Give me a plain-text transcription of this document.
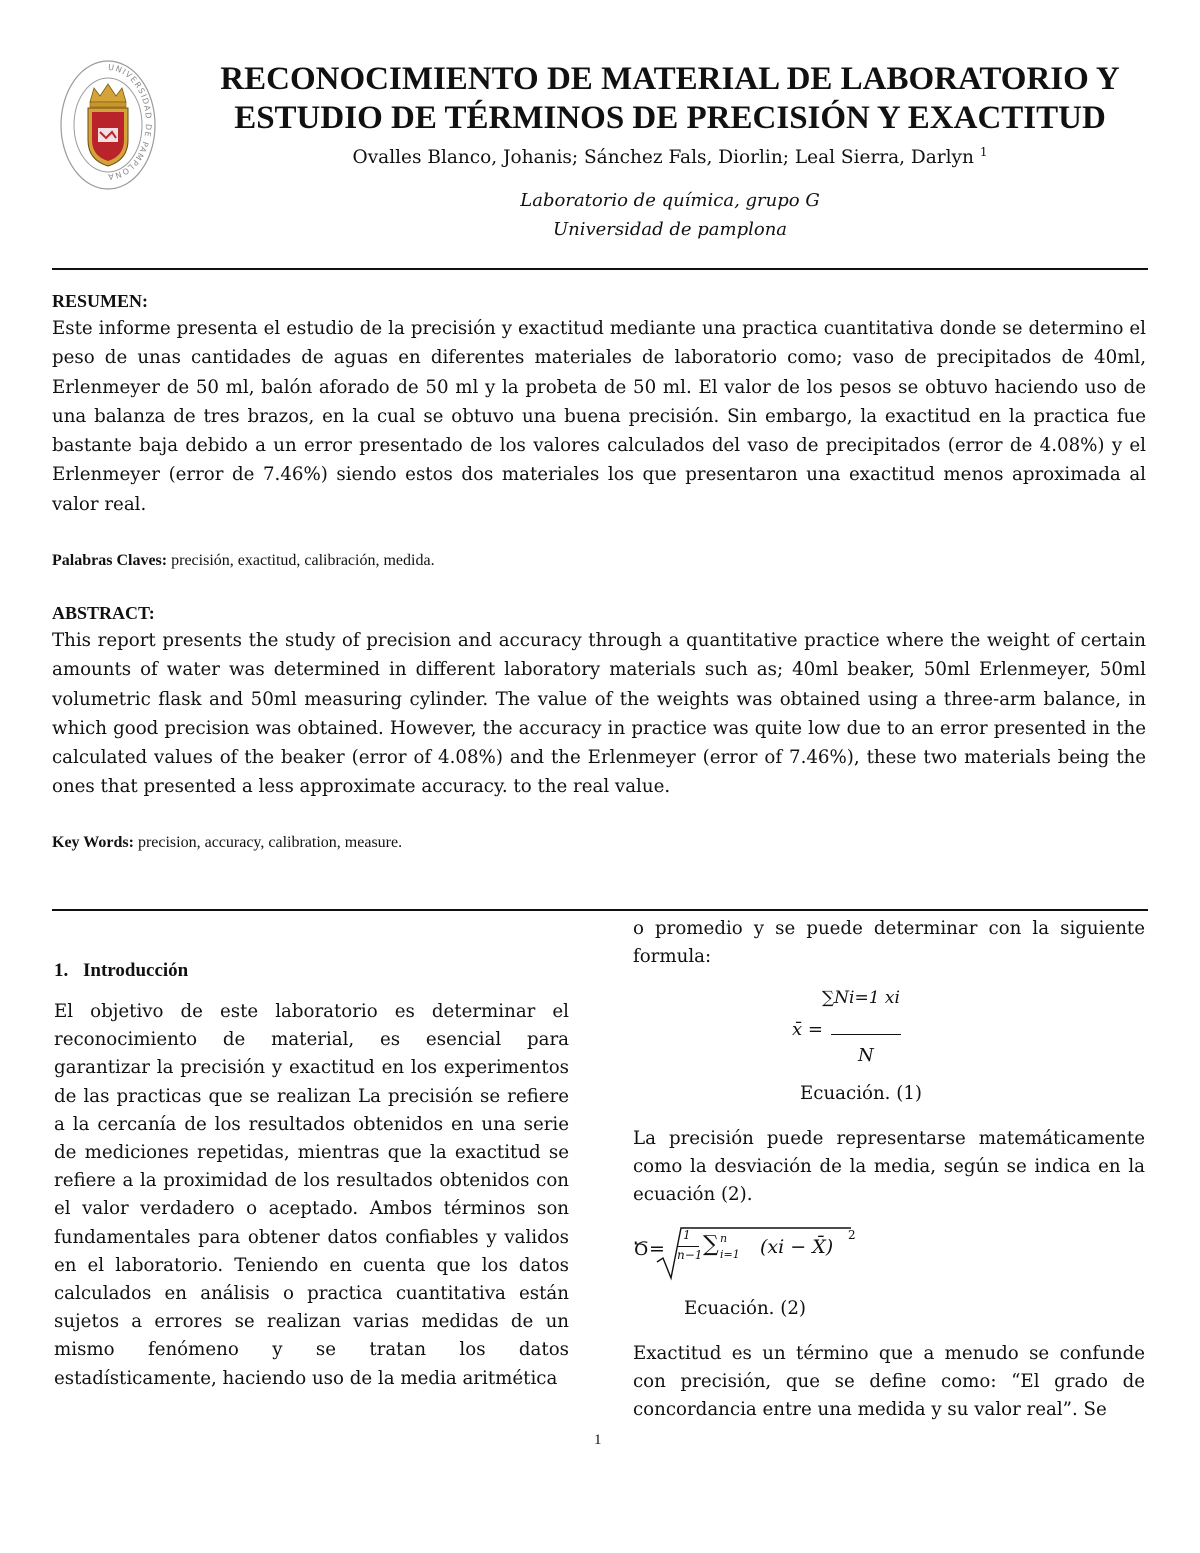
UNIVERSIDAD DE PAMPLONA
RECONOCIMIENTO DE MATERIAL DE LABORATORIO Y
ESTUDIO DE TÉRMINOS DE PRECISIÓN Y EXACTITUD
Ovalles Blanco, Johanis; Sánchez Fals, Diorlin; Leal Sierra, Darlyn $^1$
Laboratorio de química, grupo G
Universidad de pamplona
RESUMEN:
Este informe presenta el estudio de la precisión y exactitud mediante una practica cuantitativa donde se determino el peso de unas cantidades de aguas en diferentes materiales de laboratorio como; vaso de precipitados de 40ml, Erlenmeyer de 50 ml, balón aforado de 50 ml y la probeta de 50 ml. El valor de los pesos se obtuvo haciendo uso de una balanza de tres brazos, en la cual se obtuvo una buena precisión. Sin embargo, la exactitud en la practica fue bastante baja debido a un error presentado de los valores calculados del vaso de precipitados (error de 4.08%) y el Erlenmeyer (error de 7.46%) siendo estos dos materiales los que presentaron una exactitud menos aproximada al valor real.
Palabras Claves: precisión, exactitud, calibración, medida.
ABSTRACT:
This report presents the study of precision and accuracy through a quantitative practice where the weight of certain amounts of water was determined in different laboratory materials such as; 40ml beaker, 50ml Erlenmeyer, 50ml volumetric flask and 50ml measuring cylinder. The value of the weights was obtained using a three-arm balance, in which good precision was obtained. However, the accuracy in practice was quite low due to an error presented in the calculated values of the beaker (error of 4.08%) and the Erlenmeyer (error of 7.46%), these two materials being the ones that presented a less approximate accuracy. to the real value.
Key Words: precision, accuracy, calibration, measure.
1. Introducción
El objetivo de este laboratorio es determinar el reconocimiento de material, es esencial para garantizar la precisión y exactitud en los experimentos de las practicas que se realizan La precisión se refiere a la cercanía de los resultados obtenidos en una serie de mediciones repetidas, mientras que la exactitud se refiere a la proximidad de los resultados obtenidos con el valor verdadero o aceptado. Ambos términos son fundamentales para obtener datos confiables y validos en el laboratorio. Teniendo en cuenta que los datos calculados en análisis o practica cuantitativa están sujetos a errores se realizan varias medidas de un mismo fenómeno y se tratan los datos estadísticamente, haciendo uso de la media aritmética
o promedio y se puede determinar con la siguiente formula:
∑Ni=1 xi
x̄ =
N
Ecuación. (1)
La precisión puede representarse matemáticamente como la desviación de la media, según se indica en la ecuación (2).
Ծ=
1
n−1 ∑ n
i=1 (xi − X̄)
2
Ecuación. (2)
Exactitud es un término que a menudo se confunde con precisión, que se define como: “El grado de concordancia entre una medida y su valor real”. Se
1
